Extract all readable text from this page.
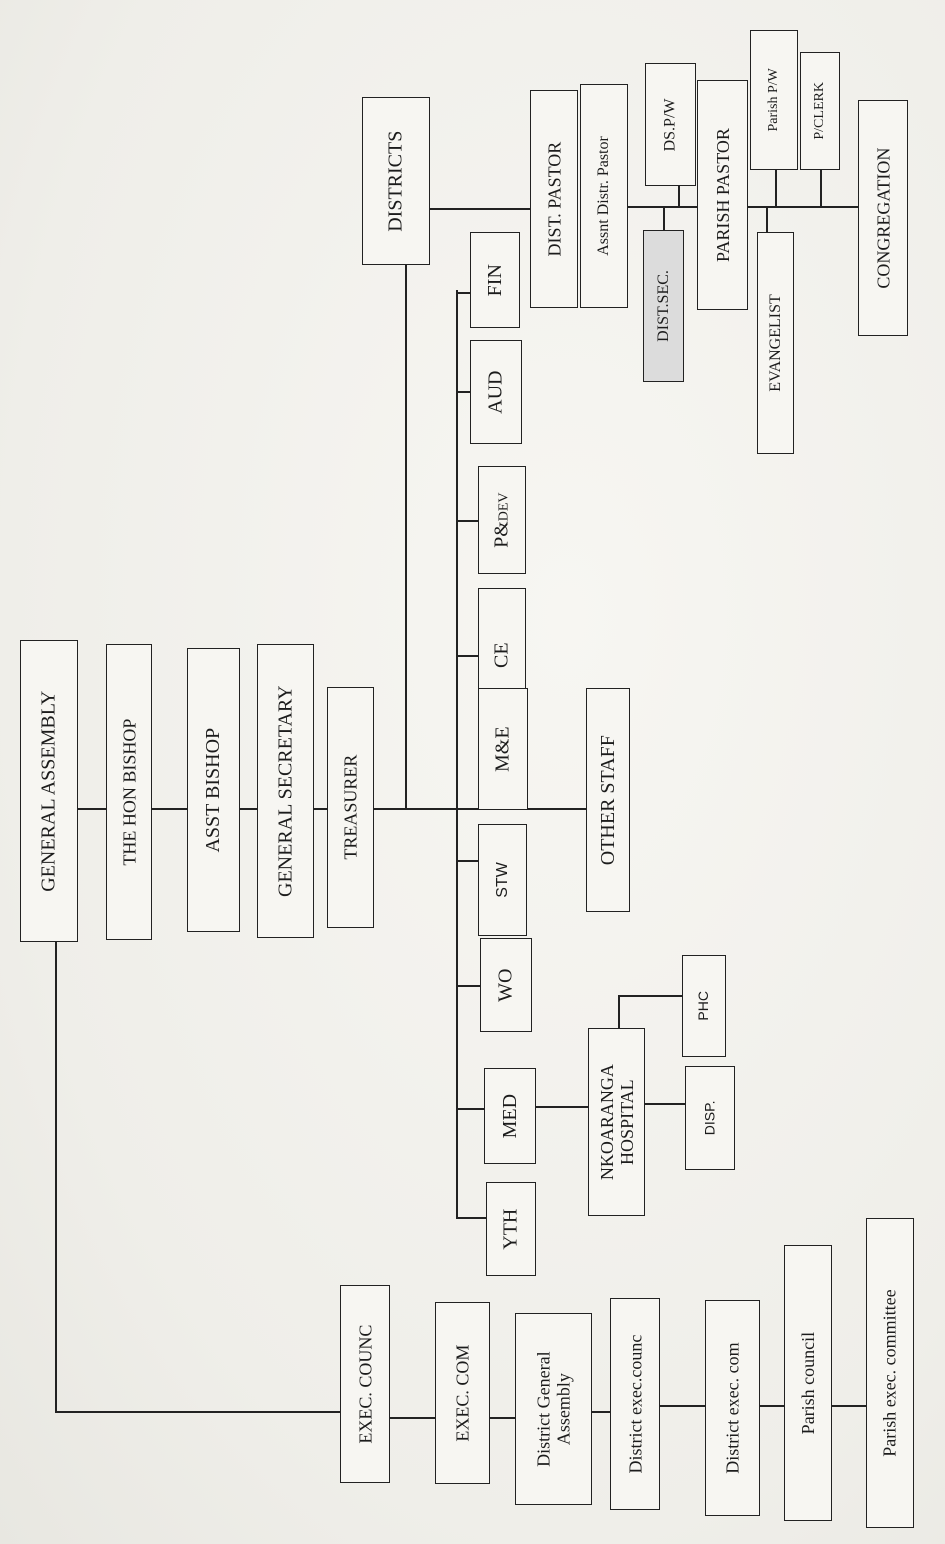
GENERAL ASSEMBLY	THE HON BISHOP	ASST BISHOP	GENERAL SECRETARY TREASURER	OTHER STAFF
FIN
AUD
P&DEV
CE
M&E
STW
WO
MED
YTH
NKOARANGA
HOSPITAL	DISP.
PHC
DISTRICTS	DIST. PASTOR Assnt Distr. Pastor
DIST.SEC.
DS.P/W
PARISH PASTOR
Parish P/W P/CLERK
EVANGELIST
CONGREGATION
EXEC. COUNC	EXEC. COM	District General
Assembly	District exec.counc	District exec. com	Parish council	Parish exec. committee
